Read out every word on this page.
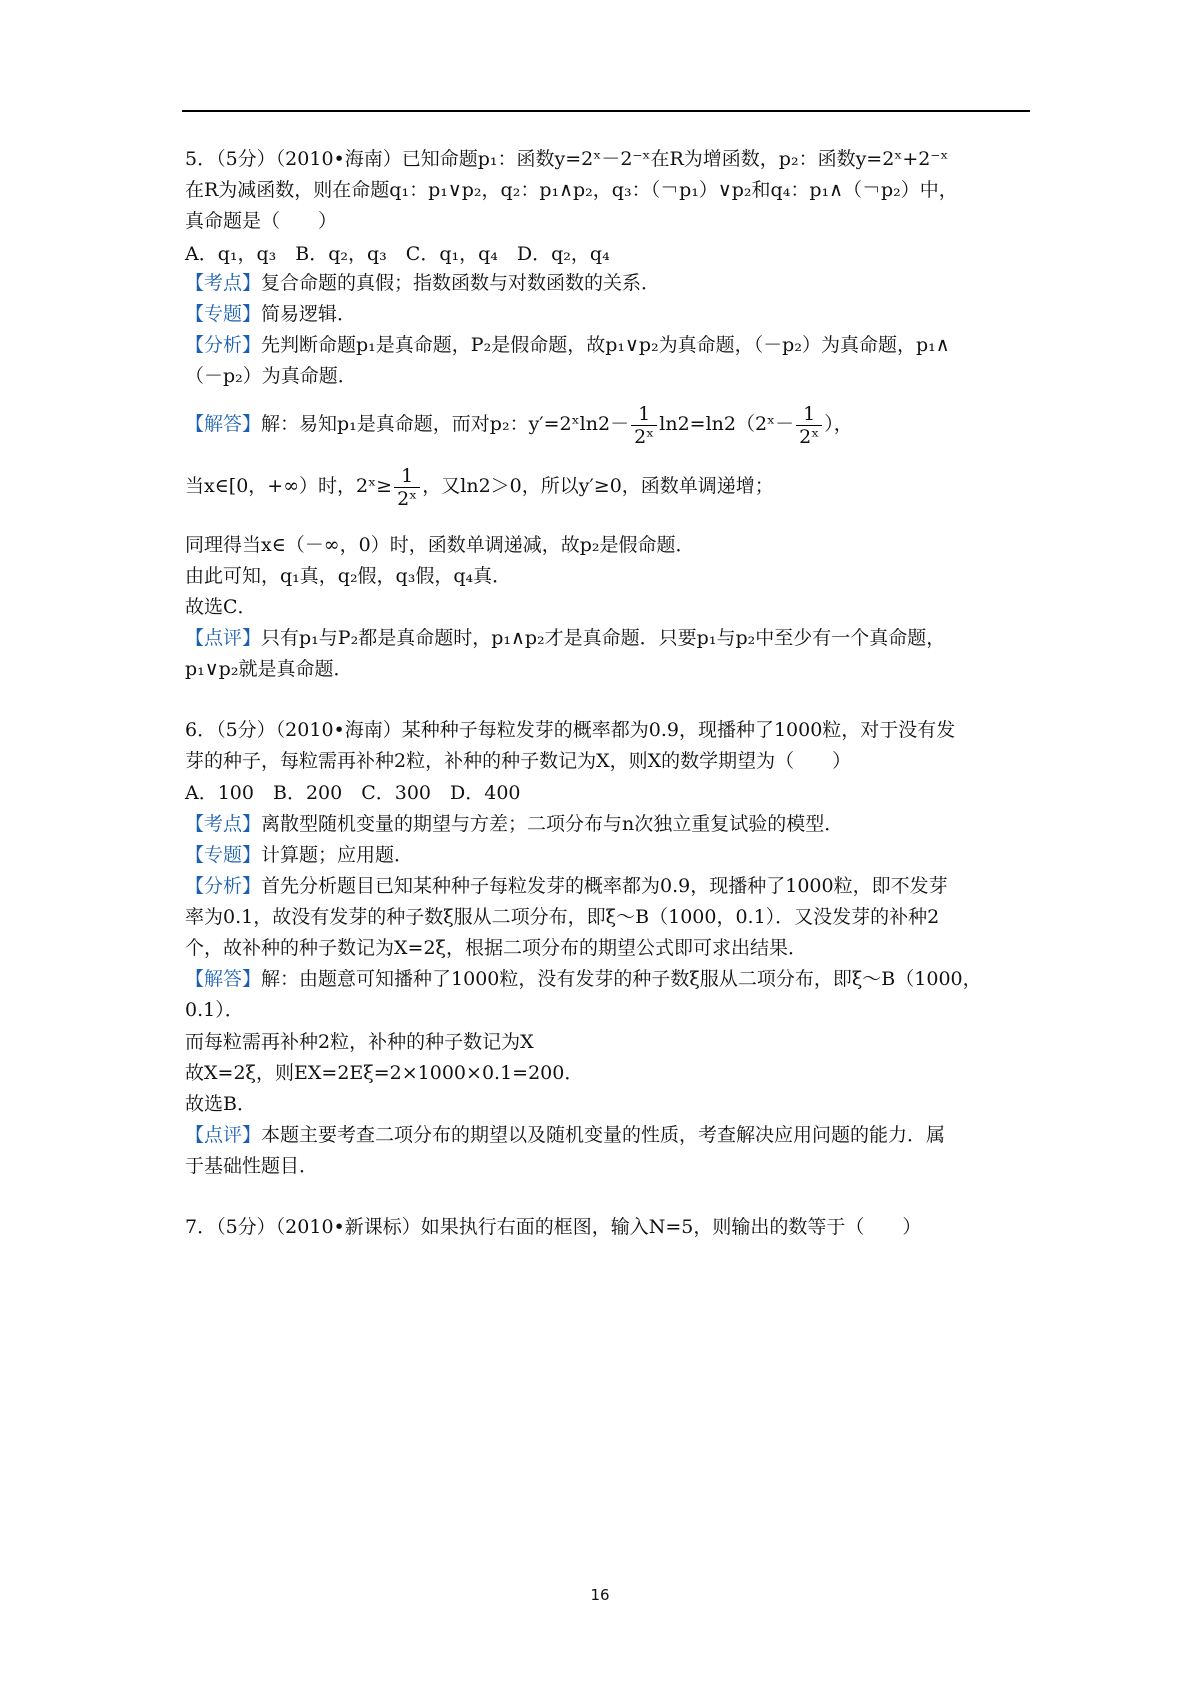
5．（5分）（2010•海南）已知命题p₁：函数y=2ˣ－2⁻ˣ在R为增函数，p₂：函数y=2ˣ+2⁻ˣ
在R为减函数，则在命题q₁：p₁∨p₂，q₂：p₁∧p₂，q₃：（￢p₁）∨p₂和q₄：p₁∧（￢p₂）中，
真命题是（　　）
A．q₁，q₃　B．q₂，q₃　C．q₁，q₄　D．q₂，q₄
【考点】复合命题的真假；指数函数与对数函数的关系．
【专题】简易逻辑．
【分析】先判断命题p₁是真命题，P₂是假命题，故p₁∨p₂为真命题，（－p₂）为真命题，p₁∧
（－p₂）为真命题．
【解答】解：易知p₁是真命题，而对p₂：y′=2ˣln2－ $\frac{1}{\text{2ˣ}}$ ln2=ln2（2ˣ－ $\frac{1}{\text{2ˣ}}$ ），
当x∈[0，+∞）时，2ˣ≥ $\frac{1}{\text{2ˣ}}$ ，又ln2＞0，所以y′≥0，函数单调递增；
同理得当x∈（－∞，0）时，函数单调递减，故p₂是假命题．
由此可知，q₁真，q₂假，q₃假，q₄真．
故选C．
【点评】只有p₁与P₂都是真命题时，p₁∧p₂才是真命题．只要p₁与p₂中至少有一个真命题，
p₁∨p₂就是真命题．
6．（5分）（2010•海南）某种种子每粒发芽的概率都为0.9，现播种了1000粒，对于没有发
芽的种子，每粒需再补种2粒，补种的种子数记为X，则X的数学期望为（　　）
A．100　B．200　C．300　D．400
【考点】离散型随机变量的期望与方差；二项分布与n次独立重复试验的模型．
【专题】计算题；应用题．
【分析】首先分析题目已知某种种子每粒发芽的概率都为0.9，现播种了1000粒，即不发芽
率为0.1，故没有发芽的种子数ξ服从二项分布，即ξ～B（1000，0.1）．又没发芽的补种2
个，故补种的种子数记为X=2ξ，根据二项分布的期望公式即可求出结果．
【解答】解：由题意可知播种了1000粒，没有发芽的种子数ξ服从二项分布，即ξ～B（1000，
0.1）．
而每粒需再补种2粒，补种的种子数记为X
故X=2ξ，则EX=2Eξ=2×1000×0.1=200．
故选B．
【点评】本题主要考查二项分布的期望以及随机变量的性质，考查解决应用问题的能力．属
于基础性题目．
7．（5分）（2010•新课标）如果执行右面的框图，输入N=5，则输出的数等于（　　）
16
